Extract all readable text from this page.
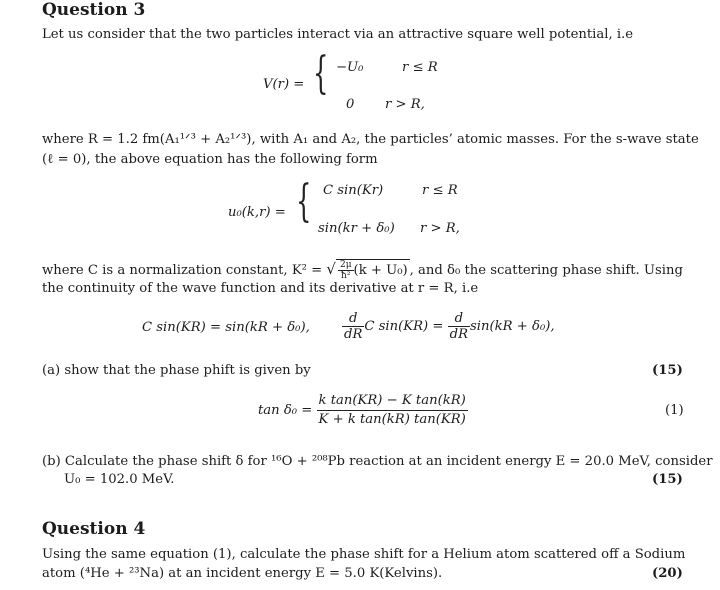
Question 3
Let us consider that the two particles interact via an attractive square well potential, i.e
V(r) = { −U₀	r ≤ R
0 r > R,
where R = 1.2 fm(A₁¹ᐟ³ + A₂¹ᐟ³), with A₁ and A₂, the particles’ atomic masses. For the s-wave state
(ℓ = 0), the above equation has the following form
u₀(k,r) = { C sin(Kr)	r ≤ R
sin(kr + δ₀) r > R,
where C is a normalization constant, K² = √ $\frac{2\mu}{\text{ħ²}} (k + U_0)$ , and δ₀ the scattering phase shift. Using
the continuity of the wave function and its derivative at r = R, i.e
C sin(KR) = sin(kR + δ₀), $\frac{d}{dR}$ C $\sin(KR) = \frac{d}{dR} \sin(kR + \delta_0)$,
(a) show that the phase phift is given by	(15)
$\tan \delta_0 = \frac{\text{k tan(KR) − K tan(kR)}}{\text{K + k tan(kR) tan(KR)}}$	(1)
(b) Calculate the phase shift δ for ¹⁶O + ²⁰⁸Pb reaction at an incident energy E = 20.0 MeV, consider
U₀ = 102.0 MeV.	(15)
Question 4
Using the same equation (1), calculate the phase shift for a Helium atom scattered off a Sodium
atom (⁴He + ²³Na) at an incident energy E = 5.0 K(Kelvins).	(20)
